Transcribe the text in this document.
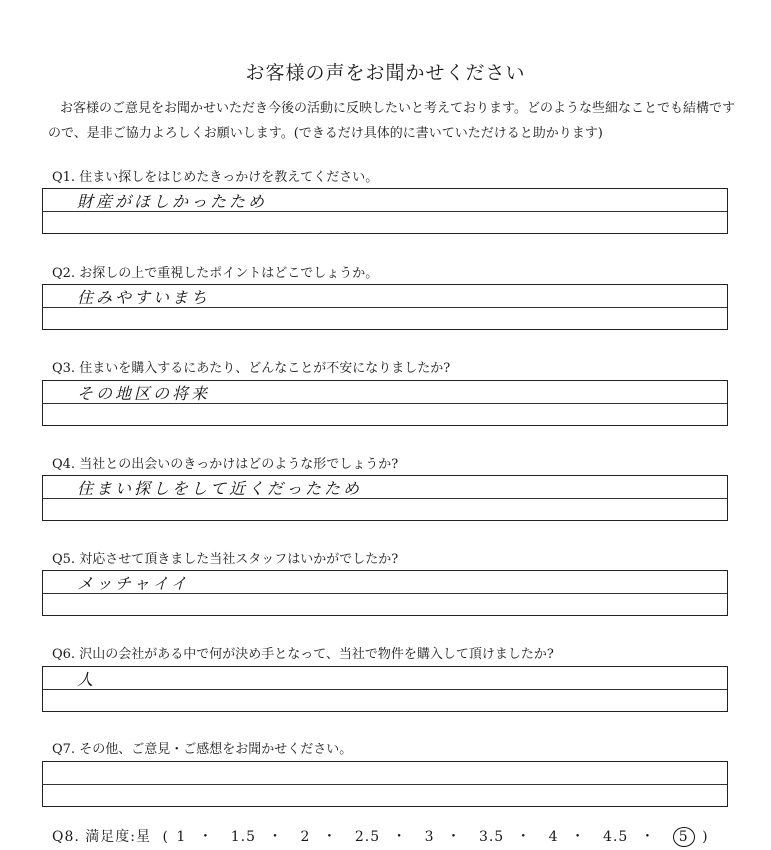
お客様の声をお聞かせください
お客様のご意見をお聞かせいただき今後の活動に反映したいと考えております。どのような些細なことでも結構ですので、是非ご協力よろしくお願いします。(できるだけ具体的に書いていただけると助かります)
Q1. 住まい探しをはじめたきっかけを教えてください。
財産がほしかったため
Q2. お探しの上で重視したポイントはどこでしょうか。
住みやすいまち
Q3. 住まいを購入するにあたり、どんなことが不安になりましたか?
その地区の将来
Q4. 当社との出会いのきっかけはどのような形でしょうか?
住まい探しをして近くだったため
Q5. 対応させて頂きました当社スタッフはいかがでしたか?
メッチャイイ
Q6. 沢山の会社がある中で何が決め手となって、当社で物件を購入して頂けましたか?
人
Q7. その他、ご意見・ご感想をお聞かせください。
Q8. 満足度:星 ( 1 ・ 1.5 ・ 2 ・ 2.5 ・ 3 ・ 3.5 ・ 4 ・ 4.5 ・ 5 )
